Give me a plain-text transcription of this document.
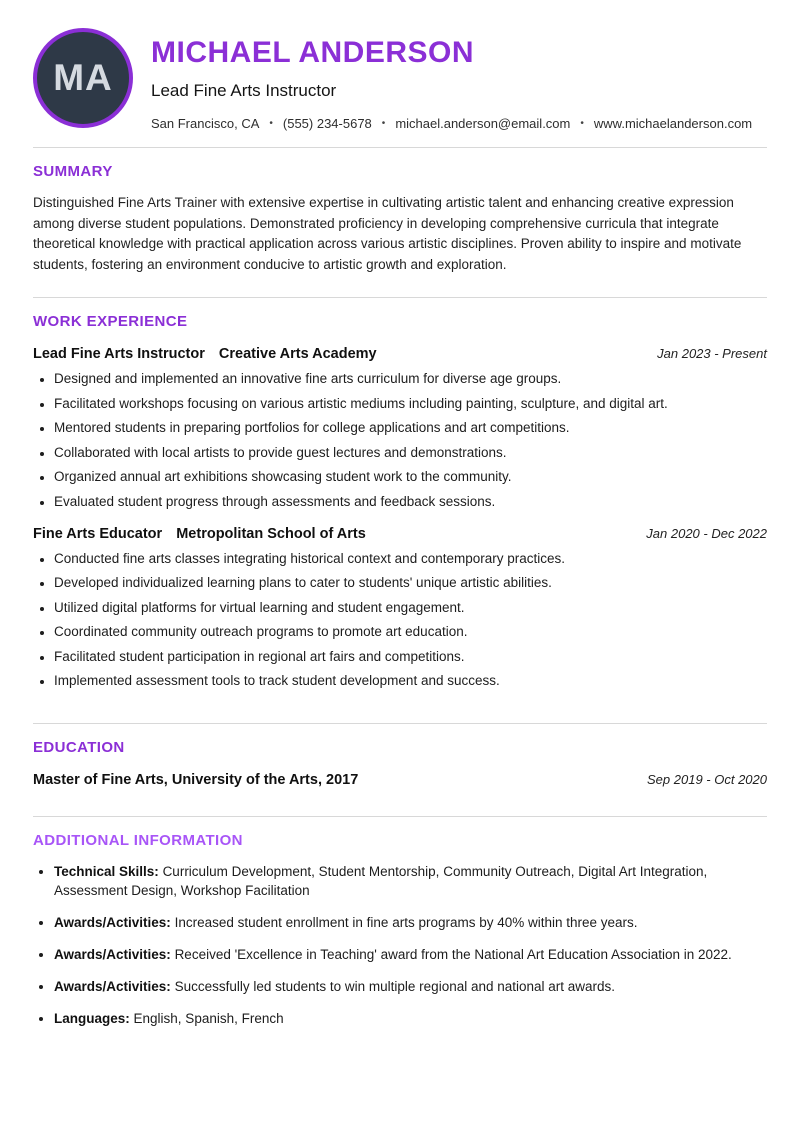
MA
MICHAEL ANDERSON
Lead Fine Arts Instructor
San Francisco, CA • (555) 234-5678 • michael.anderson@email.com • www.michaelanderson.com
SUMMARY

Distinguished Fine Arts Trainer with extensive expertise in cultivating artistic talent and enhancing creative expression among diverse student populations. Demonstrated proficiency in developing comprehensive curricula that integrate theoretical knowledge with practical application across various artistic disciplines. Proven ability to inspire and motivate students, fostering an environment conducive to artistic growth and exploration.

WORK EXPERIENCE
Lead Fine Arts Instructor Creative Arts Academy	Jan 2023 - Present
• Designed and implemented an innovative fine arts curriculum for diverse age groups.
• Facilitated workshops focusing on various artistic mediums including painting, sculpture, and digital art.
• Mentored students in preparing portfolios for college applications and art competitions.
• Collaborated with local artists to provide guest lectures and demonstrations.
• Organized annual art exhibitions showcasing student work to the community.
• Evaluated student progress through assessments and feedback sessions.
Fine Arts Educator Metropolitan School of Arts	Jan 2020 - Dec 2022
• Conducted fine arts classes integrating historical context and contemporary practices.
• Developed individualized learning plans to cater to students' unique artistic abilities.
• Utilized digital platforms for virtual learning and student engagement.
• Coordinated community outreach programs to promote art education.
• Facilitated student participation in regional art fairs and competitions.
• Implemented assessment tools to track student development and success.
EDUCATION
Master of Fine Arts, University of the Arts, 2017	Sep 2019 - Oct 2020
ADDITIONAL INFORMATION
• Technical Skills: Curriculum Development, Student Mentorship, Community Outreach, Digital Art Integration, Assessment Design, Workshop Facilitation
• Awards/Activities: Increased student enrollment in fine arts programs by 40% within three years.
• Awards/Activities: Received 'Excellence in Teaching' award from the National Art Education Association in 2022.
• Awards/Activities: Successfully led students to win multiple regional and national art awards.
• Languages: English, Spanish, French
